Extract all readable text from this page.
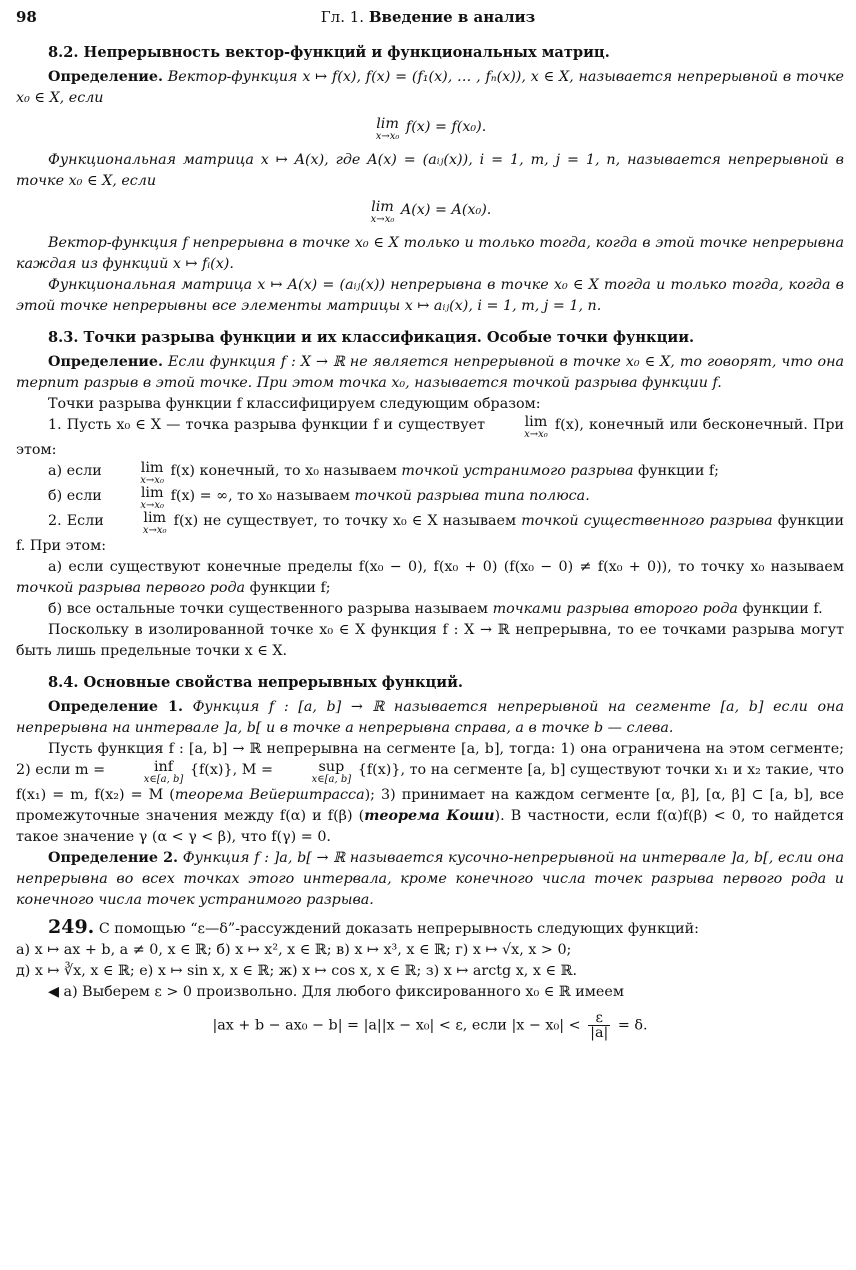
98	Гл. 1. Введение в анализ
8.2. Непрерывность вектор-функций и функциональных матриц.

Определение. Вектор-функция x ↦ f(x), f(x) = (f₁(x), … , fₙ(x)), x ∈ X, называется непрерывной в точке x₀ ∈ X, если

lim
x→x₀
f(x) = f(x₀).

Функциональная матрица x ↦ A(x), где A(x) = (aᵢⱼ(x)), i = 1, m, j = 1, n, называется непрерывной в точке x₀ ∈ X, если

lim
x→x₀
A(x) = A(x₀).

Вектор-функция f непрерывна в точке x₀ ∈ X только и только тогда, когда в этой точке непрерывна каждая из функций x ↦ fᵢ(x).

Функциональная матрица x ↦ A(x) = (aᵢⱼ(x)) непрерывна в точке x₀ ∈ X тогда и только тогда, когда в этой точке непрерывны все элементы матрицы x ↦ aᵢⱼ(x), i = 1, m, j = 1, n.

8.3. Точки разрыва функции и их классификация. Особые точки функции.

Определение. Если функция f : X → ℝ не является непрерывной в точке x₀ ∈ X, то говорят, что она терпит разрыв в этой точке. При этом точка x₀, называется точкой разрыва функции f.

Точки разрыва функции f классифицируем следующим образом:

1. Пусть x₀ ∈ X — точка разрыва функции f и существует	lim
x→x₀
f(x), конечный или бесконечный. При этом:

а) если	lim
x→x₀
f(x) конечный, то x₀ называем точкой устранимого разрыва функции f;

б) если	lim
x→x₀
f(x) = ∞, то x₀ называем точкой разрыва типа полюса.

2. Если	lim
x→x₀
f(x) не существует, то точку x₀ ∈ X называем точкой существенного разрыва функции f. При этом:

а) если существуют конечные пределы f(x₀ − 0), f(x₀ + 0) (f(x₀ − 0) ≠ f(x₀ + 0)), то точку x₀ называем точкой разрыва первого рода функции f;

б) все остальные точки существенного разрыва называем точками разрыва второго рода функции f.

Поскольку в изолированной точке x₀ ∈ X функция f : X → ℝ непрерывна, то ее точками разрыва могут быть лишь предельные точки x ∈ X.

8.4. Основные свойства непрерывных функций.

Определение 1. Функция f : [a, b] → ℝ называется непрерывной на сегменте [a, b] если она непрерывна на интервале ]a, b[ и в точке a непрерывна справа, а в точке b — слева.

Пусть функция f : [a, b] → ℝ непрерывна на сегменте [a, b], тогда: 1) она ограничена на этом сегменте; 2) если m =	inf
x∈[a, b]
{f(x)}, M =	sup
x∈[a, b]
{f(x)}, то на сегменте [a, b] существуют точки x₁ и x₂ такие, что f(x₁) = m, f(x₂) = M (теорема Вейерштрасса); 3) принимает на каждом сегменте [α, β], [α, β] ⊂ [a, b], все промежуточные значения между f(α) и f(β) (теорема Коши). В частности, если f(α)f(β) < 0, то найдется такое значение γ (α < γ < β), что f(γ) = 0.

Определение 2. Функция f : ]a, b[ → ℝ называется кусочно-непрерывной на интервале ]a, b[, если она непрерывна во всех точках этого интервала, кроме конечного числа точек разрыва первого рода и конечного числа точек устранимого разрыва.

249. С помощью “ε—δ”-рассуждений доказать непрерывность следующих функций:

а) x ↦ ax + b, a ≠ 0, x ∈ ℝ; б) x ↦ x², x ∈ ℝ; в) x ↦ x³, x ∈ ℝ; г) x ↦ √x, x > 0;

д) x ↦ ∛x, x ∈ ℝ; е) x ↦ sin x, x ∈ ℝ; ж) x ↦ cos x, x ∈ ℝ; з) x ↦ arctg x, x ∈ ℝ.

◀ а) Выберем ε > 0 произвольно. Для любого фиксированного x₀ ∈ ℝ имеем

|ax + b − ax₀ − b| = |a||x − x₀| < ε, если $|x - x_0| < \frac{\varepsilon}{|a|} = \delta$.
